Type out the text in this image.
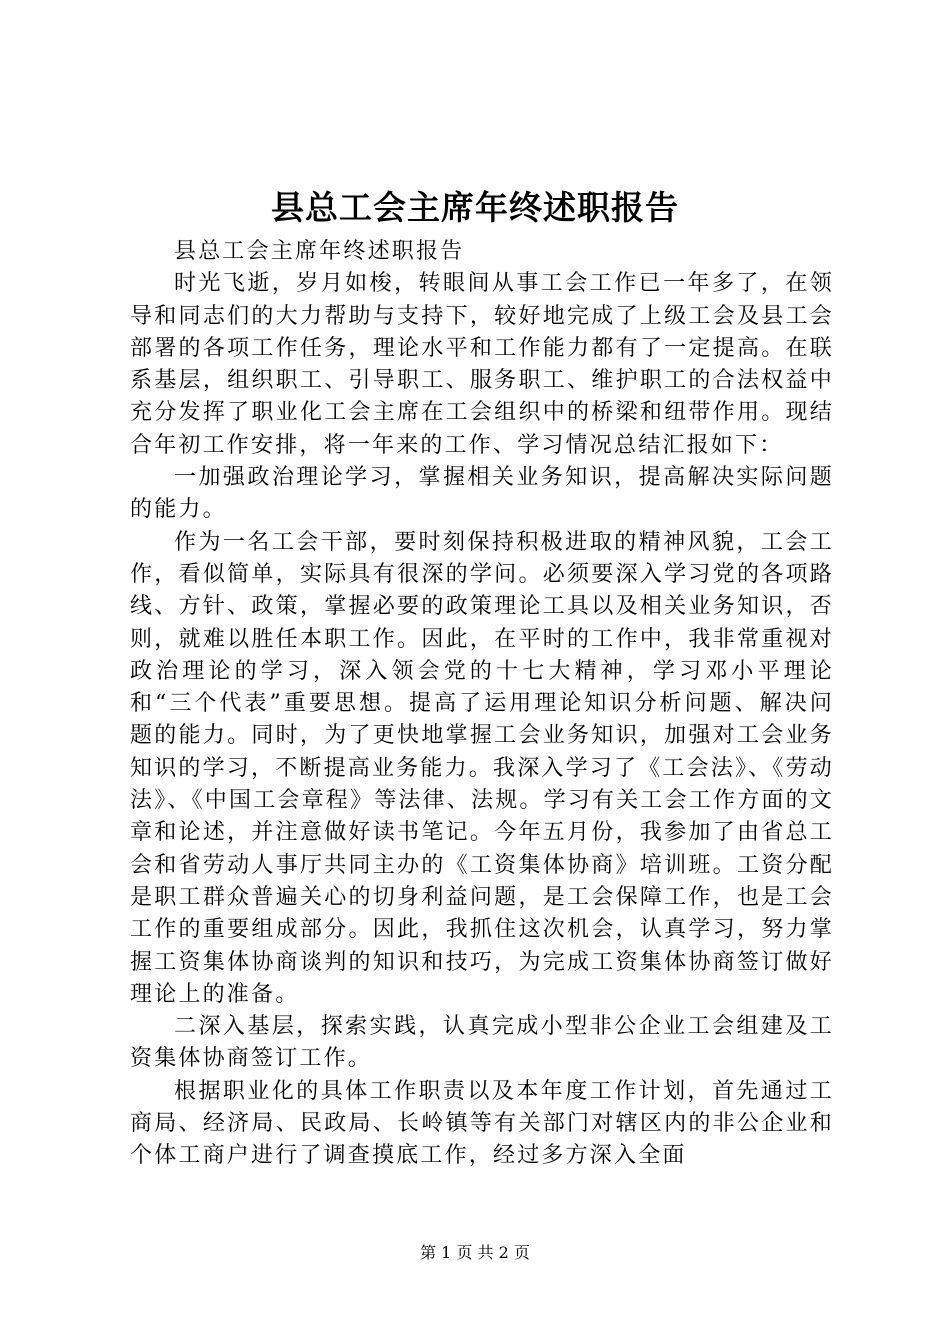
县总工会主席年终述职报告

县总工会主席年终述职报告

时光飞逝，岁月如梭，转眼间从事工会工作已一年多了，在领导和同志们的大力帮助与支持下，较好地完成了上级工会及县工会部署的各项工作任务，理论水平和工作能力都有了一定提高。在联系基层，组织职工、引导职工、服务职工、维护职工的合法权益中充分发挥了职业化工会主席在工会组织中的桥梁和纽带作用。现结合年初工作安排，将一年来的工作、学习情况总结汇报如下：

一加强政治理论学习，掌握相关业务知识，提高解决实际问题的能力。

作为一名工会干部，要时刻保持积极进取的精神风貌，工会工作，看似简单，实际具有很深的学问。必须要深入学习党的各项路线、方针、政策，掌握必要的政策理论工具以及相关业务知识，否则，就难以胜任本职工作。因此，在平时的工作中，我非常重视对政治理论的学习，深入领会党的十七大精神，学习邓小平理论和“三个代表”重要思想。提高了运用理论知识分析问题、解决问题的能力。同时，为了更快地掌握工会业务知识，加强对工会业务知识的学习，不断提高业务能力。我深入学习了《工会法》、《劳动法》、《中国工会章程》等法律、法规。学习有关工会工作方面的文章和论述，并注意做好读书笔记。今年五月份，我参加了由省总工会和省劳动人事厅共同主办的《工资集体协商》培训班。工资分配是职工群众普遍关心的切身利益问题，是工会保障工作，也是工会工作的重要组成部分。因此，我抓住这次机会，认真学习，努力掌握工资集体协商谈判的知识和技巧，为完成工资集体协商签订做好理论上的准备。

二深入基层，探索实践，认真完成小型非公企业工会组建及工资集体协商签订工作。

根据职业化的具体工作职责以及本年度工作计划，首先通过工商局、经济局、民政局、长岭镇等有关部门对辖区内的非公企业和个体工商户进行了调查摸底工作，经过多方深入全面

第 1 页 共 2 页
